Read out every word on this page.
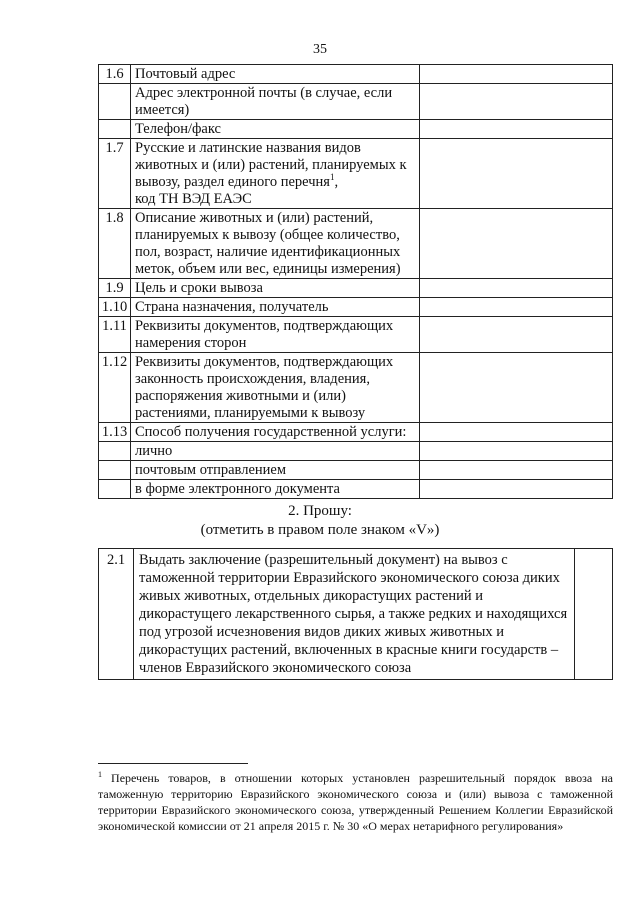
35
1.6	Почтовый адрес	
	Адрес электронной почты (в случае, если
имеется)	
	Телефон/факс	
1.7	Русские и латинские названия видов
животных и (или) растений, планируемых к
вывозу, раздел единого перечня$^1$,
код ТН ВЭД ЕАЭС	
1.8	Описание животных и (или) растений,
планируемых к вывозу (общее количество,
пол, возраст, наличие идентификационных
меток, объем или вес, единицы измерения)	
1.9	Цель и сроки вывоза	
1.10	Страна назначения, получатель	
1.11	Реквизиты документов, подтверждающих
намерения сторон	
1.12	Реквизиты документов, подтверждающих
законность происхождения, владения,
распоряжения животными и (или)
растениями, планируемыми к вывозу	
1.13	Способ получения государственной услуги:	
	лично	
	почтовым отправлением	
	в форме электронного документа	
2. Прошу:
(отметить в правом поле знаком «V»)
2.1	Выдать заключение (разрешительный документ) на вывоз с таможенной территории Евразийского экономического союза диких живых животных, отдельных дикорастущих растений и дикорастущего лекарственного сырья, а также редких и находящихся под угрозой исчезновения видов диких живых животных и дикорастущих растений, включенных в красные книги государств – членов Евразийского экономического союза	
$^1$ Перечень товаров, в отношении которых установлен разрешительный порядок ввоза на таможенную территорию Евразийского экономического союза и (или) вывоза с таможенной территории Евразийского экономического союза, утвержденный Решением Коллегии Евразийской экономической комиссии от 21 апреля 2015 г. № 30 «О мерах нетарифного регулирования»
